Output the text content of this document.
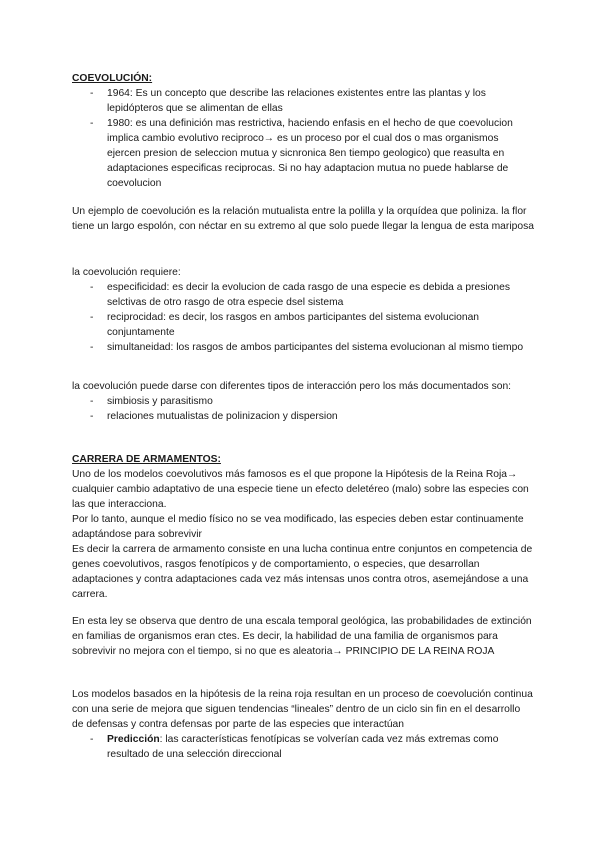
COEVOLUCIÓN:

- 1964: Es un concepto que describe las relaciones existentes entre las plantas y los lepidópteros que se alimentan de ellas
- 1980: es una definición mas restrictiva, haciendo enfasis en el hecho de que coevolucion implica cambio evolutivo reciproco→ es un proceso por el cual dos o mas organismos ejercen presion de seleccion mutua y sicnronica 8en tiempo geologico) que reasulta en adaptaciones especificas reciprocas. Si no hay adaptacion mutua no puede hablarse de coevolucion

Un ejemplo de coevolución es la relación mutualista entre la polilla y la orquídea que poliniza. la flor tiene un largo espolón, con néctar en su extremo al que solo puede llegar la lengua de esta mariposa

la coevolución requiere:

- especificidad: es decir la evolucion de cada rasgo de una especie es debida a presiones selctivas de otro rasgo de otra especie dsel sistema
- reciprocidad: es decir, los rasgos en ambos participantes del sistema evolucionan conjuntamente
- simultaneidad: los rasgos de ambos participantes del sistema evolucionan al mismo tiempo

la coevolución puede darse con diferentes tipos de interacción pero los más documentados son:

- simbiosis y parasitismo
- relaciones mutualistas de polinizacion y dispersion

CARRERA DE ARMAMENTOS:

Uno de los modelos coevolutivos más famosos es el que propone la Hipótesis de la Reina Roja→ cualquier cambio adaptativo de una especie tiene un efecto deletéreo (malo) sobre las especies con las que interacciona.

Por lo tanto, aunque el medio físico no se vea modificado, las especies deben estar continuamente adaptándose para sobrevivir

Es decir la carrera de armamento consiste en una lucha continua entre conjuntos en competencia de genes coevolutivos, rasgos fenotípicos y de comportamiento, o especies, que desarrollan adaptaciones y contra adaptaciones cada vez más intensas unos contra otros, asemejándose a una carrera.

En esta ley se observa que dentro de una escala temporal geológica, las probabilidades de extinción en familias de organismos eran ctes. Es decir, la habilidad de una familia de organismos para sobrevivir no mejora con el tiempo, si no que es aleatoria→ PRINCIPIO DE LA REINA ROJA

Los modelos basados en la hipótesis de la reina roja resultan en un proceso de coevolución continua con una serie de mejora que siguen tendencias “lineales” dentro de un ciclo sin fin en el desarrollo de defensas y contra defensas por parte de las especies que interactúan

- Predicción: las características fenotípicas se volverían cada vez más extremas como resultado de una selección direccional
